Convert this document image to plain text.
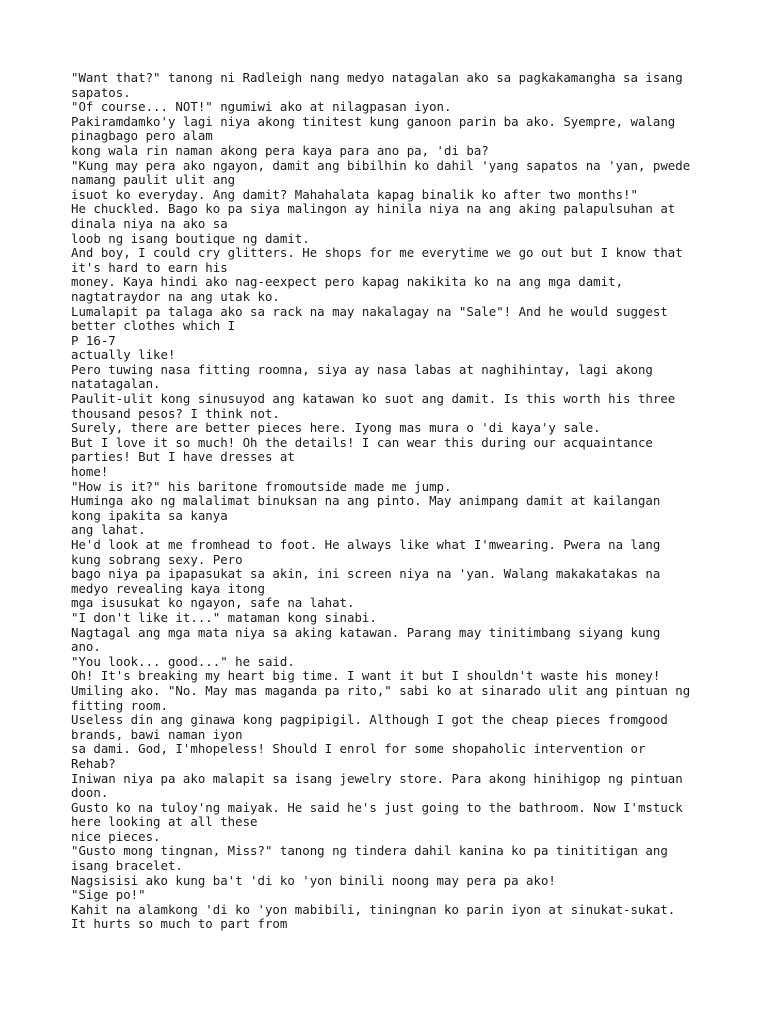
"Want that?" tanong ni Radleigh nang medyo natagalan ako sa pagkakamangha sa isang
sapatos.
"Of course... NOT!" ngumiwi ako at nilagpasan iyon.
Pakiramdamko'y lagi niya akong tinitest kung ganoon parin ba ako. Syempre, walang
pinagbago pero alam
kong wala rin naman akong pera kaya para ano pa, 'di ba?
"Kung may pera ako ngayon, damit ang bibilhin ko dahil 'yang sapatos na 'yan, pwede
namang paulit ulit ang
isuot ko everyday. Ang damit? Mahahalata kapag binalik ko after two months!"
He chuckled. Bago ko pa siya malingon ay hinila niya na ang aking palapulsuhan at
dinala niya na ako sa
loob ng isang boutique ng damit.
And boy, I could cry glitters. He shops for me everytime we go out but I know that
it's hard to earn his
money. Kaya hindi ako nag-eexpect pero kapag nakikita ko na ang mga damit,
nagtatraydor na ang utak ko.
Lumalapit pa talaga ako sa rack na may nakalagay na "Sale"! And he would suggest
better clothes which I
P 16-7
actually like!
Pero tuwing nasa fitting roomna, siya ay nasa labas at naghihintay, lagi akong
natatagalan.
Paulit-ulit kong sinusuyod ang katawan ko suot ang damit. Is this worth his three
thousand pesos? I think not.
Surely, there are better pieces here. Iyong mas mura o 'di kaya'y sale.
But I love it so much! Oh the details! I can wear this during our acquaintance
parties! But I have dresses at
home!
"How is it?" his baritone fromoutside made me jump.
Huminga ako ng malalimat binuksan na ang pinto. May animpang damit at kailangan
kong ipakita sa kanya
ang lahat.
He'd look at me fromhead to foot. He always like what I'mwearing. Pwera na lang
kung sobrang sexy. Pero
bago niya pa ipapasukat sa akin, ini screen niya na 'yan. Walang makakatakas na
medyo revealing kaya itong
mga isusukat ko ngayon, safe na lahat.
"I don't like it..." mataman kong sinabi.
Nagtagal ang mga mata niya sa aking katawan. Parang may tinitimbang siyang kung
ano.
"You look... good..." he said.
Oh! It's breaking my heart big time. I want it but I shouldn't waste his money!
Umiling ako. "No. May mas maganda pa rito," sabi ko at sinarado ulit ang pintuan ng
fitting room.
Useless din ang ginawa kong pagpipigil. Although I got the cheap pieces fromgood
brands, bawi naman iyon
sa dami. God, I'mhopeless! Should I enrol for some shopaholic intervention or
Rehab?
Iniwan niya pa ako malapit sa isang jewelry store. Para akong hinihigop ng pintuan
doon.
Gusto ko na tuloy'ng maiyak. He said he's just going to the bathroom. Now I'mstuck
here looking at all these
nice pieces.
"Gusto mong tingnan, Miss?" tanong ng tindera dahil kanina ko pa tinititigan ang
isang bracelet.
Nagsisisi ako kung ba't 'di ko 'yon binili noong may pera pa ako!
"Sige po!"
Kahit na alamkong 'di ko 'yon mabibili, tiningnan ko parin iyon at sinukat-sukat.
It hurts so much to part from
